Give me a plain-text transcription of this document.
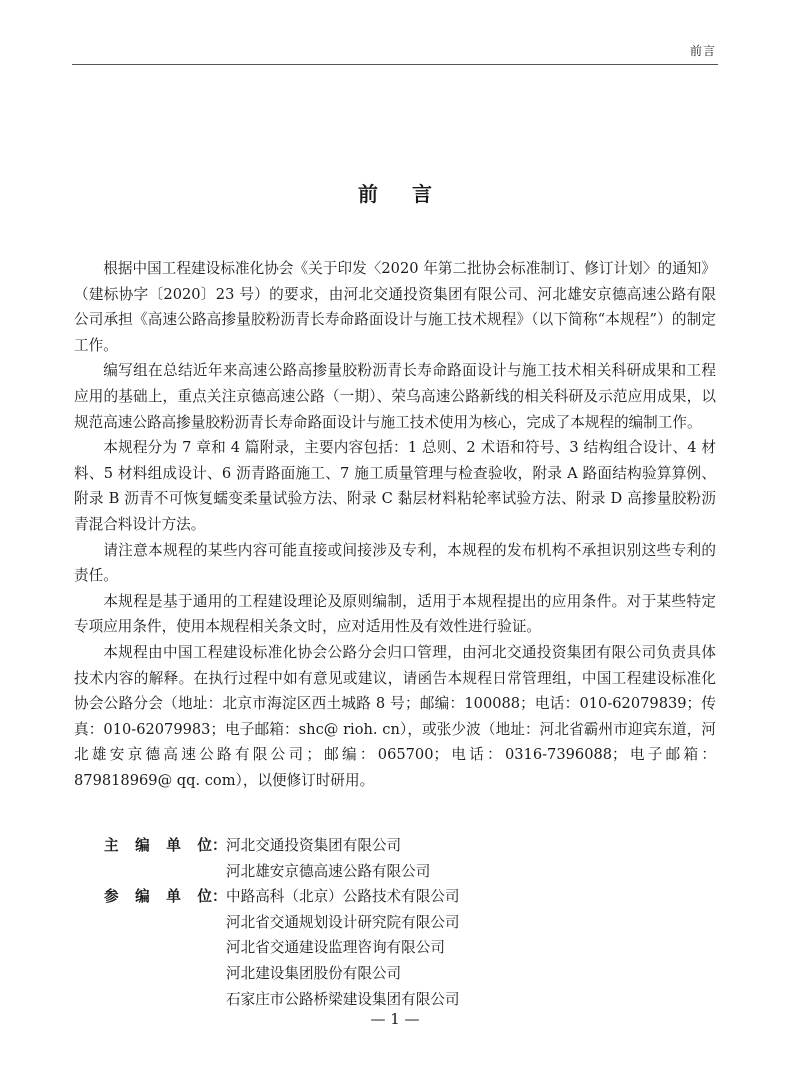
前言
前言

根据中国工程建设标准化协会《关于印发〈2020 年第二批协会标准制订、修订计划〉的通知》（建标协字〔2020〕23 号）的要求，由河北交通投资集团有限公司、河北雄安京德高速公路有限公司承担《高速公路高掺量胶粉沥青长寿命路面设计与施工技术规程》（以下简称“本规程”）的制定工作。

编写组在总结近年来高速公路高掺量胶粉沥青长寿命路面设计与施工技术相关科研成果和工程应用的基础上，重点关注京德高速公路（一期）、荣乌高速公路新线的相关科研及示范应用成果，以规范高速公路高掺量胶粉沥青长寿命路面设计与施工技术使用为核心，完成了本规程的编制工作。

本规程分为 7 章和 4 篇附录，主要内容包括：1 总则、2 术语和符号、3 结构组合设计、4 材料、5 材料组成设计、6 沥青路面施工、7 施工质量管理与检查验收，附录 A 路面结构验算算例、附录 B 沥青不可恢复蠕变柔量试验方法、附录 C 黏层材料粘轮率试验方法、附录 D 高掺量胶粉沥青混合料设计方法。

请注意本规程的某些内容可能直接或间接涉及专利，本规程的发布机构不承担识别这些专利的责任。

本规程是基于通用的工程建设理论及原则编制，适用于本规程提出的应用条件。对于某些特定专项应用条件，使用本规程相关条文时，应对适用性及有效性进行验证。

本规程由中国工程建设标准化协会公路分会归口管理，由河北交通投资集团有限公司负责具体技术内容的解释。在执行过程中如有意见或建议，请函告本规程日常管理组，中国工程建设标准化协会公路分会（地址：北京市海淀区西土城路 8 号；邮编：100088；电话：010-62079839；传真：010-62079983；电子邮箱：shc@ rioh. cn），或张少波（地址：河北省霸州市迎宾东道，河北雄安京德高速公路有限公司；邮编：065700；电话：0316-7396088；电子邮箱：879818969@ qq. com），以便修订时研用。

主编单位： 河北交通投资集团有限公司
河北雄安京德高速公路有限公司
参编单位： 中路高科（北京）公路技术有限公司
河北省交通规划设计研究院有限公司
河北省交通建设监理咨询有限公司
河北建设集团股份有限公司
石家庄市公路桥梁建设集团有限公司
— 1 —
